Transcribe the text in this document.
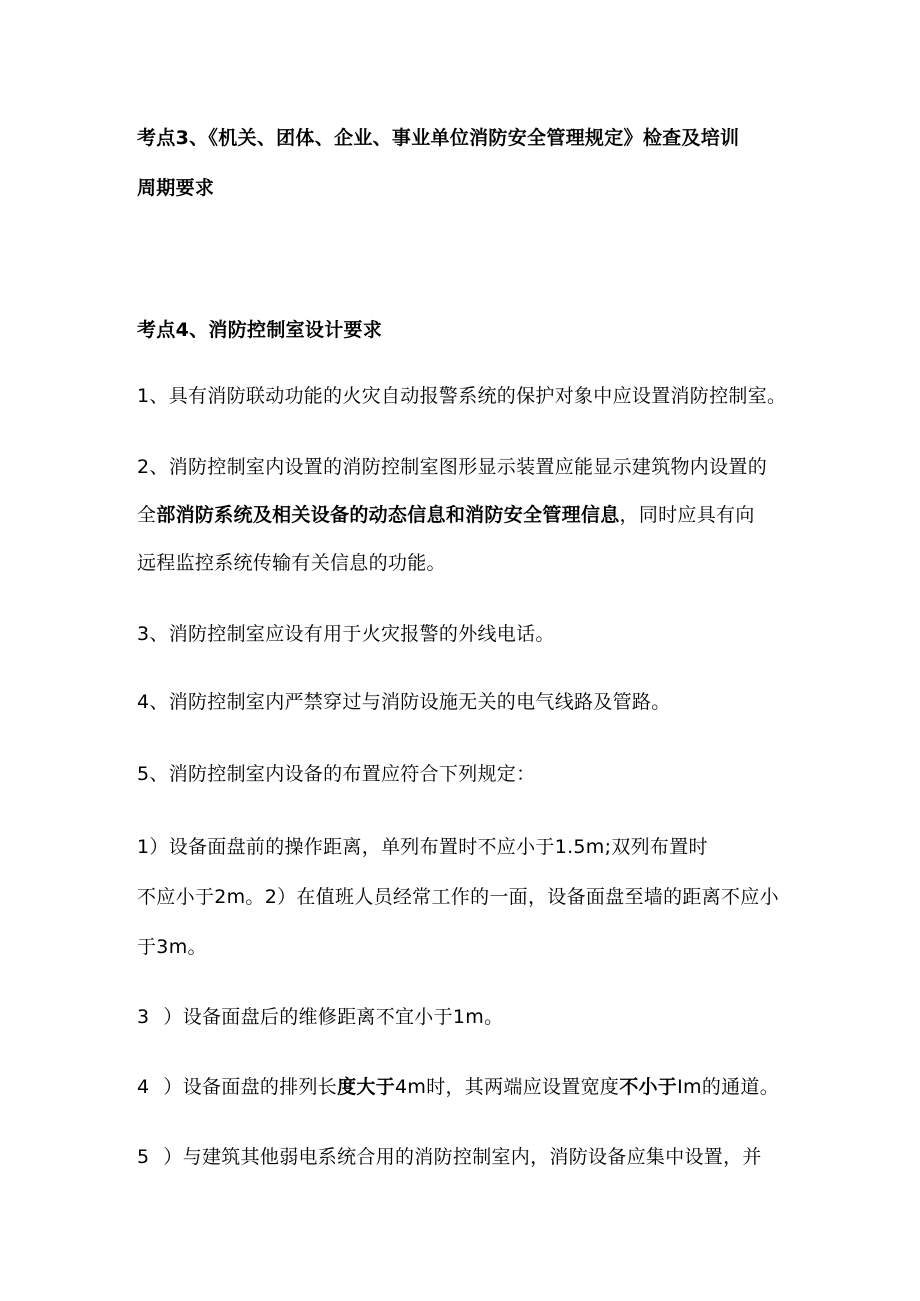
考点3、《机关、团体、企业、事业单位消防安全管理规定》检查及培训
周期要求
考点4、消防控制室设计要求
1、具有消防联动功能的火灾自动报警系统的保护对象中应设置消防控制室。
2、消防控制室内设置的消防控制室图形显示装置应能显示建筑物内设置的
全部消防系统及相关设备的动态信息和消防安全管理信息，同时应具有向
远程监控系统传输有关信息的功能。
3、消防控制室应设有用于火灾报警的外线电话。
4、消防控制室内严禁穿过与消防设施无关的电气线路及管路。
5、消防控制室内设备的布置应符合下列规定：
1）设备面盘前的操作距离，单列布置时不应小于1.5m;双列布置时
不应小于2m。2）在值班人员经常工作的一面，设备面盘至墙的距离不应小
于3m。
3 ）设备面盘后的维修距离不宜小于1m。
4 ）设备面盘的排列长度大于4m时，其两端应设置宽度不小于Im的通道。
5 ）与建筑其他弱电系统合用的消防控制室内，消防设备应集中设置，并
